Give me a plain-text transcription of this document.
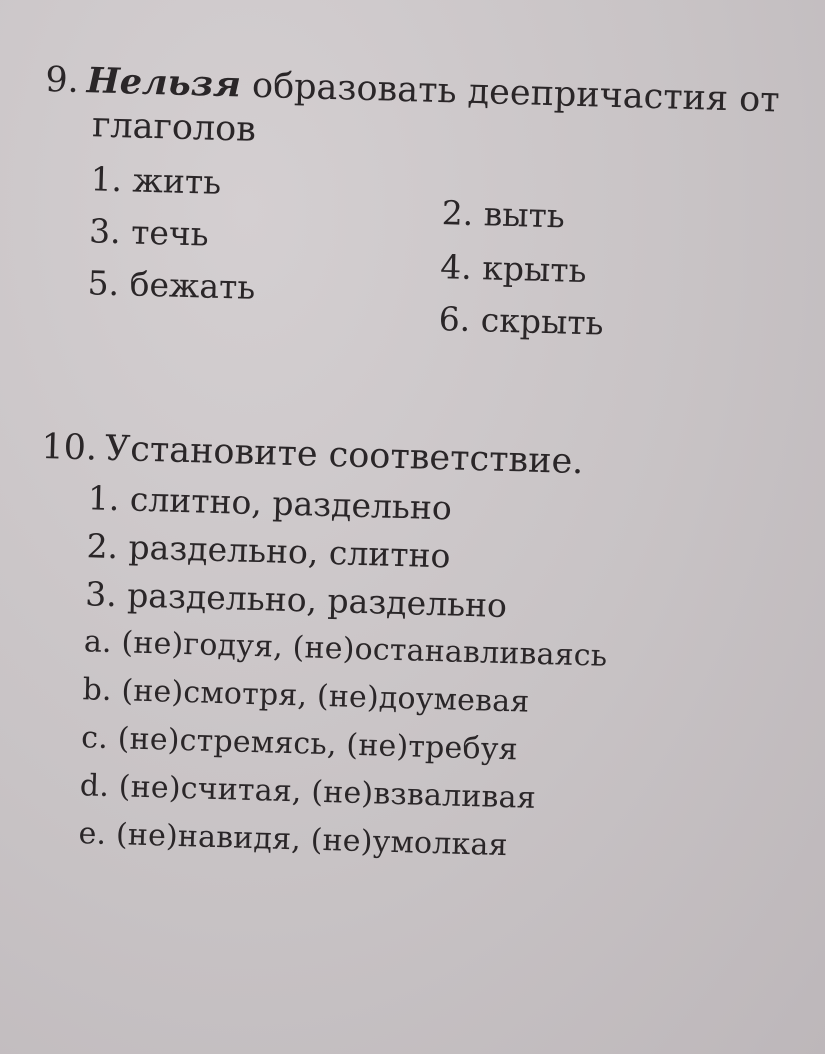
9. Нельзя образовать деепричастия от
глаголов
1. жить
2. выть
3. течь
4. крыть
5. бежать
6. скрыть
10. Установите соответствие.
1. слитно, раздельно
2. раздельно, слитно
3. раздельно, раздельно
a. (не)годуя, (не)останавливаясь
b. (не)смотря, (не)доумевая
c. (не)стремясь, (не)требуя
d. (не)считая, (не)взваливая
e. (не)навидя, (не)умолкая
